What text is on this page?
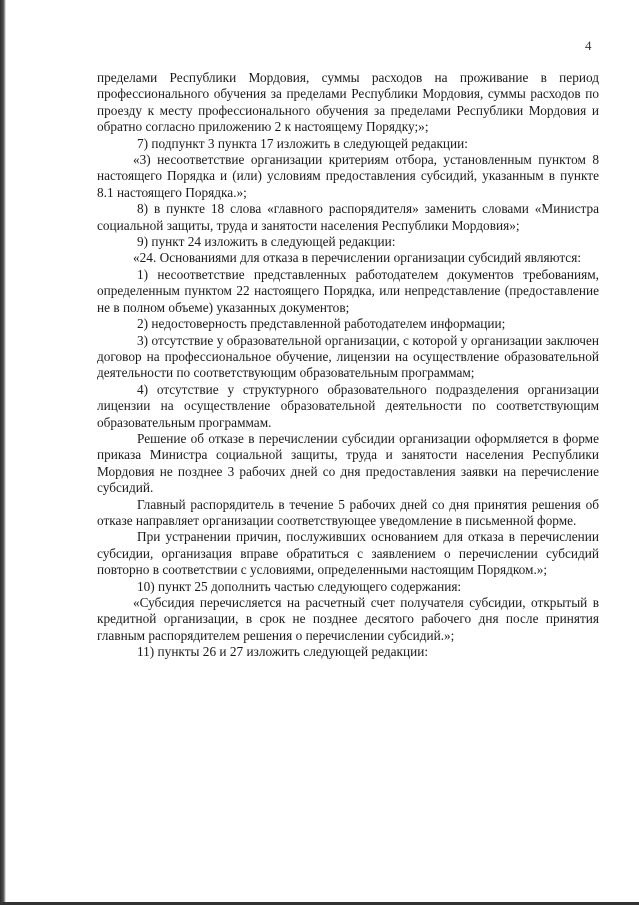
4

пределами Республики Мордовия, суммы расходов на проживание в период профессионального обучения за пределами Республики Мордовия, суммы расходов по проезду к месту профессионального обучения за пределами Республики Мордовия и обратно согласно приложению 2 к настоящему Порядку;»;

7) подпункт 3 пункта 17 изложить в следующей редакции:

«3) несоответствие организации критериям отбора, установленным пунктом 8 настоящего Порядка и (или) условиям предоставления субсидий, указанным в пункте 8.1 настоящего Порядка.»;

8) в пункте 18 слова «главного распорядителя» заменить словами «Министра социальной защиты, труда и занятости населения Республики Мордовия»;

9) пункт 24 изложить в следующей редакции:

«24. Основаниями для отказа в перечислении организации субсидий являются:

1) несоответствие представленных работодателем документов требованиям, определенным пунктом 22 настоящего Порядка, или непредставление (предоставление не в полном объеме) указанных документов;

2) недостоверность представленной работодателем информации;

3) отсутствие у образовательной организации, с которой у организации заключен договор на профессиональное обучение, лицензии на осуществление образовательной деятельности по соответствующим образовательным программам;

4) отсутствие у структурного образовательного подразделения организации лицензии на осуществление образовательной деятельности по соответствующим образовательным программам.

Решение об отказе в перечислении субсидии организации оформляется в форме приказа Министра социальной защиты, труда и занятости населения Республики Мордовия не позднее 3 рабочих дней со дня предоставления заявки на перечисление субсидий.

Главный распорядитель в течение 5 рабочих дней со дня принятия решения об отказе направляет организации соответствующее уведомление в письменной форме.

При устранении причин, послуживших основанием для отказа в перечислении субсидии, организация вправе обратиться с заявлением о перечислении субсидий повторно в соответствии с условиями, определенными настоящим Порядком.»;

10) пункт 25 дополнить частью следующего содержания:

«Субсидия перечисляется на расчетный счет получателя субсидии, открытый в кредитной организации, в срок не позднее десятого рабочего дня после принятия главным распорядителем решения о перечислении субсидий.»;

11) пункты 26 и 27 изложить следующей редакции:
